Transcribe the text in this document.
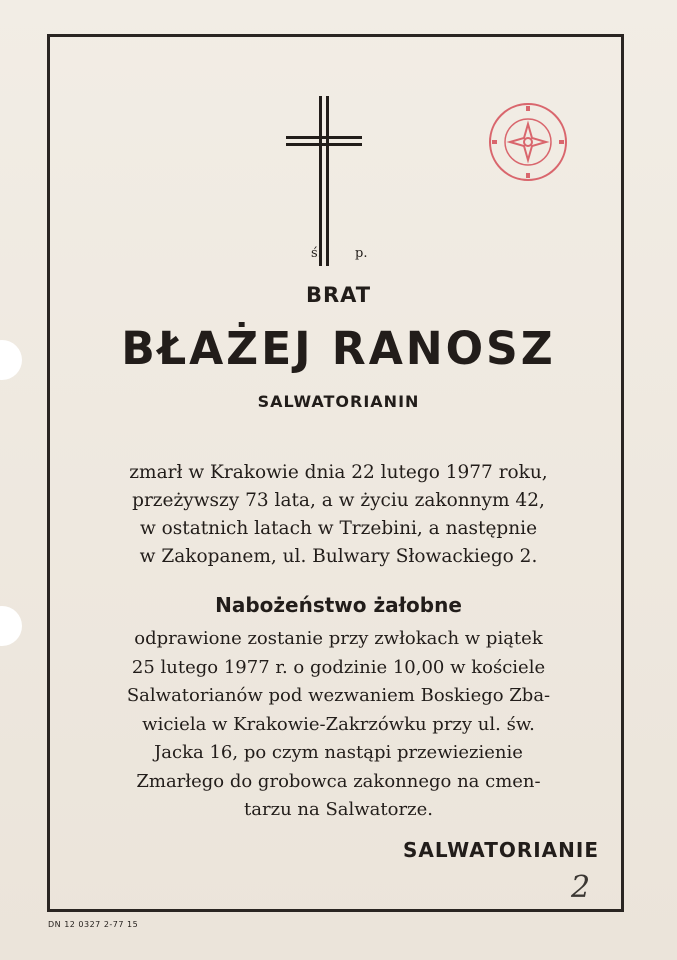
ś.	p.
BRAT
BŁAŻEJ RANOSZ
SALWATORIANIN
zmarł w Krakowie dnia 22 lutego 1977 roku,
przeżywszy 73 lata, a w życiu zakonnym 42,
w ostatnich latach w Trzebini, a następnie
w Zakopanem, ul. Bulwary Słowackiego 2.
Nabożeństwo żałobne
odprawione zostanie przy zwłokach w piątek
25 lutego 1977 r. o godzinie 10,00 w kościele
Salwatorianów pod wezwaniem Boskiego Zba-
wiciela w Krakowie-Zakrzówku przy ul. św.
Jacka 16, po czym nastąpi przewiezienie
Zmarłego do grobowca zakonnego na cmen-
tarzu na Salwatorze.
SALWATORIANIE
2
DN 12 0327 2-77 15
